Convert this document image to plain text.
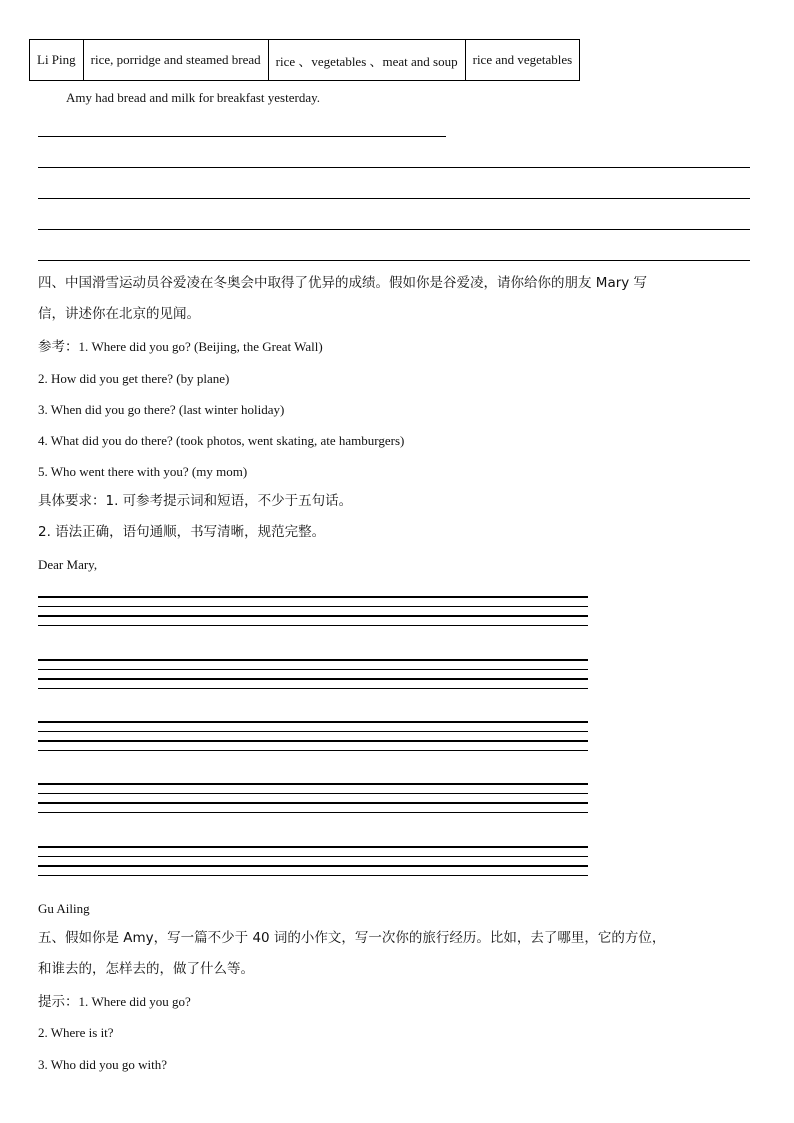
Li Ping	rice, porridge and steamed bread	rice 、vegetables 、meat and soup	rice and vegetables
Amy had bread and milk for breakfast yesterday.
四、中国滑雪运动员谷爱凌在冬奥会中取得了优异的成绩。假如你是谷爱凌，请你给你的朋友 Mary 写
信，讲述你在北京的见闻。
参考：1. Where did you go? (Beijing, the Great Wall)
2. How did you get there? (by plane)
3. When did you go there? (last winter holiday)
4. What did you do there? (took photos, went skating, ate hamburgers)
5. Who went there with you? (my mom)
具体要求：1. 可参考提示词和短语，不少于五句话。
2. 语法正确，语句通顺，书写清晰，规范完整。
Dear Mary,
Gu Ailing
五、假如你是 Amy，写一篇不少于 40 词的小作文，写一次你的旅行经历。比如，去了哪里，它的方位，
和谁去的，怎样去的，做了什么等。
提示：1. Where did you go?
2. Where is it?
3. Who did you go with?
